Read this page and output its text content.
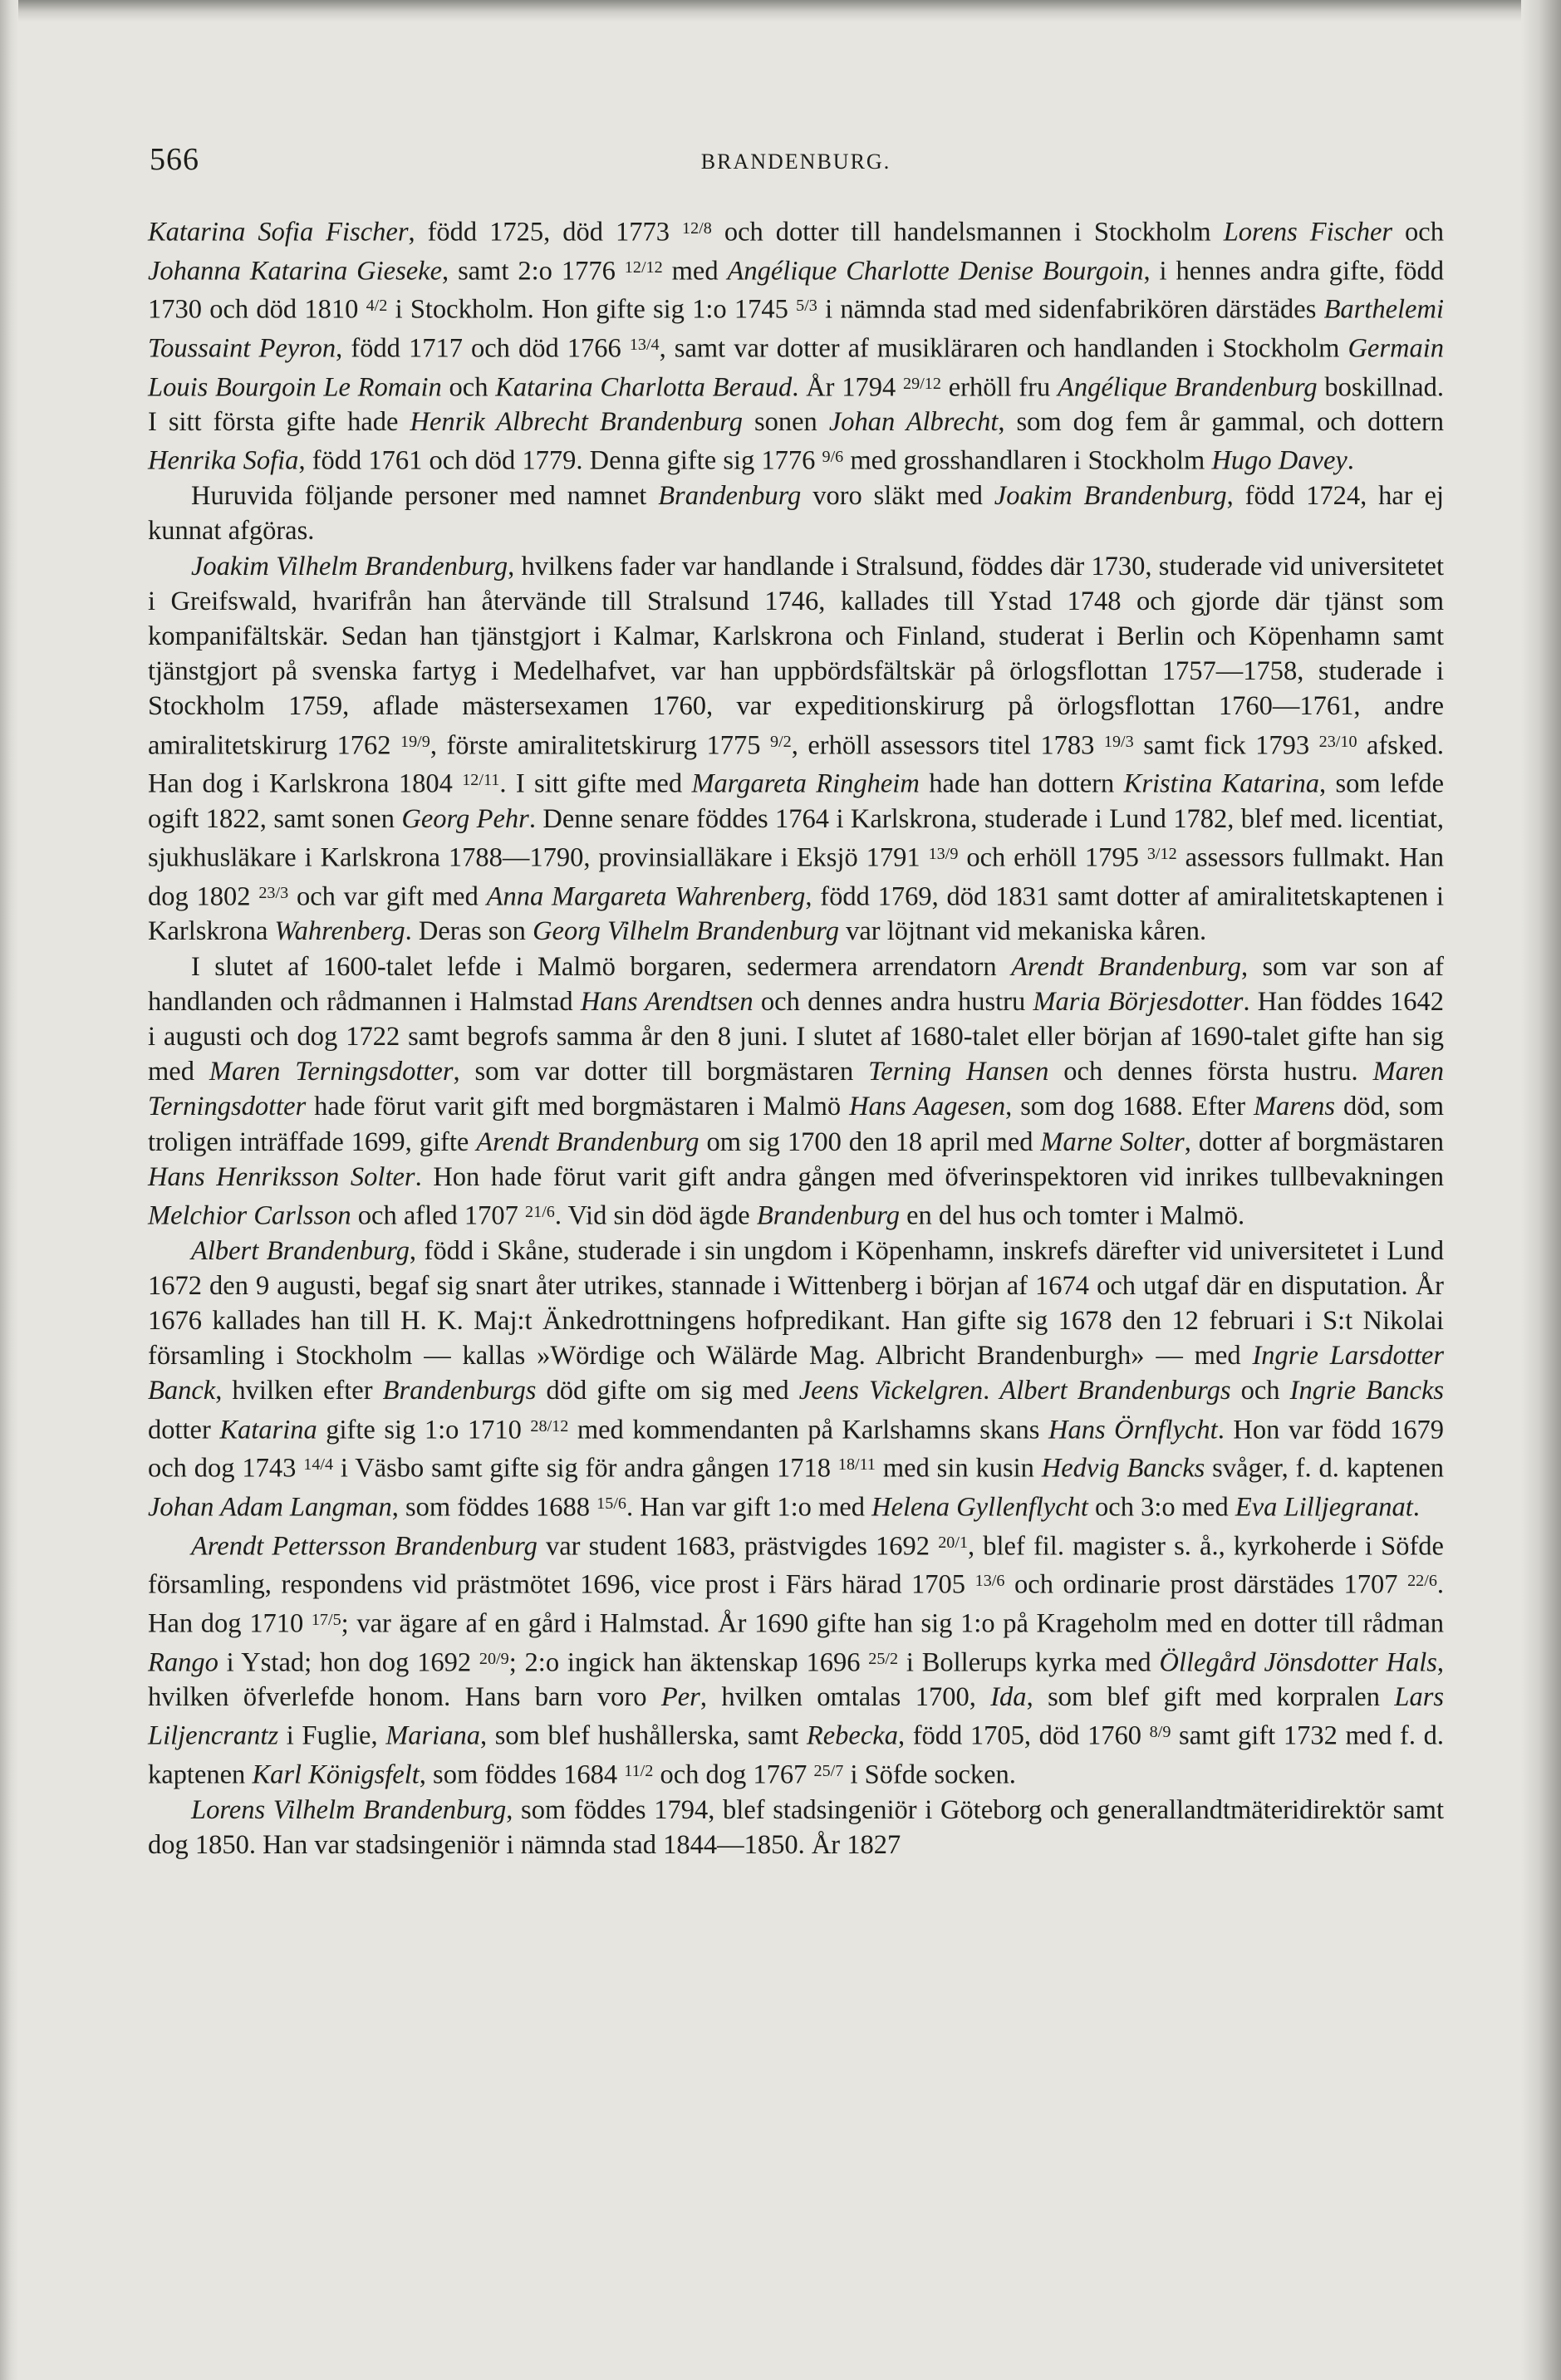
566	BRANDENBURG.

Katarina Sofia Fischer, född 1725, död 1773 $^{12/8}$ och dotter till handelsmannen i Stockholm Lorens Fischer och Johanna Katarina Gieseke, samt 2:o 1776 $^{12/12}$ med Angélique Charlotte Denise Bourgoin, i hennes andra gifte, född 1730 och död 1810 $^{4/2}$ i Stockholm. Hon gifte sig 1:o 1745 $^{5/3}$ i nämnda stad med sidenfabrikören därstädes Barthelemi Toussaint Peyron, född 1717 och död 1766 $^{13/4}$, samt var dotter af musikläraren och handlanden i Stockholm Germain Louis Bourgoin Le Romain och Katarina Charlotta Beraud. År 1794 $^{29/12}$ erhöll fru Angélique Brandenburg boskillnad. I sitt första gifte hade Henrik Albrecht Brandenburg sonen Johan Albrecht, som dog fem år gammal, och dottern Henrika Sofia, född 1761 och död 1779. Denna gifte sig 1776 $^{9/6}$ med grosshandlaren i Stockholm Hugo Davey.

Huruvida följande personer med namnet Brandenburg voro släkt med Joakim Brandenburg, född 1724, har ej kunnat afgöras.

Joakim Vilhelm Brandenburg, hvilkens fader var handlande i Stralsund, föddes där 1730, studerade vid universitetet i Greifswald, hvarifrån han återvände till Stralsund 1746, kallades till Ystad 1748 och gjorde där tjänst som kompanifältskär. Sedan han tjänstgjort i Kalmar, Karlskrona och Finland, studerat i Berlin och Köpenhamn samt tjänstgjort på svenska fartyg i Medelhafvet, var han uppbördsfältskär på örlogsflottan 1757—1758, studerade i Stockholm 1759, aflade mästersexamen 1760, var expeditionskirurg på örlogsflottan 1760—1761, andre amiralitetskirurg 1762 $^{19/9}$, förste amiralitetskirurg 1775 $^{9/2}$, erhöll assessors titel 1783 $^{19/3}$ samt fick 1793 $^{23/10}$ afsked. Han dog i Karlskrona 1804 $^{12/11}$. I sitt gifte med Margareta Ringheim hade han dottern Kristina Katarina, som lefde ogift 1822, samt sonen Georg Pehr. Denne senare föddes 1764 i Karlskrona, studerade i Lund 1782, blef med. licentiat, sjukhusläkare i Karlskrona 1788—1790, provinsialläkare i Eksjö 1791 $^{13/9}$ och erhöll 1795 $^{3/12}$ assessors fullmakt. Han dog 1802 $^{23/3}$ och var gift med Anna Margareta Wahrenberg, född 1769, död 1831 samt dotter af amiralitetskaptenen i Karlskrona Wahrenberg. Deras son Georg Vilhelm Brandenburg var löjtnant vid mekaniska kåren.

I slutet af 1600-talet lefde i Malmö borgaren, sedermera arrendatorn Arendt Brandenburg, som var son af handlanden och rådmannen i Halmstad Hans Arendtsen och dennes andra hustru Maria Börjesdotter. Han föddes 1642 i augusti och dog 1722 samt begrofs samma år den 8 juni. I slutet af 1680-talet eller början af 1690-talet gifte han sig med Maren Terningsdotter, som var dotter till borgmästaren Terning Hansen och dennes första hustru. Maren Terningsdotter hade förut varit gift med borgmästaren i Malmö Hans Aagesen, som dog 1688. Efter Marens död, som troligen inträffade 1699, gifte Arendt Brandenburg om sig 1700 den 18 april med Marne Solter, dotter af borgmästaren Hans Henriksson Solter. Hon hade förut varit gift andra gången med öfverinspektoren vid inrikes tullbevakningen Melchior Carlsson och afled 1707 $^{21/6}$. Vid sin död ägde Brandenburg en del hus och tomter i Malmö.

Albert Brandenburg, född i Skåne, studerade i sin ungdom i Köpenhamn, inskrefs därefter vid universitetet i Lund 1672 den 9 augusti, begaf sig snart åter utrikes, stannade i Wittenberg i början af 1674 och utgaf där en disputation. År 1676 kallades han till H. K. Maj:t Änkedrottningens hofpredikant. Han gifte sig 1678 den 12 februari i S:t Nikolai församling i Stockholm — kallas »Wördige och Wälärde Mag. Albricht Brandenburgh» — med Ingrie Larsdotter Banck, hvilken efter Brandenburgs död gifte om sig med Jeens Vickelgren. Albert Brandenburgs och Ingrie Bancks dotter Katarina gifte sig 1:o 1710 $^{28/12}$ med kommendanten på Karlshamns skans Hans Örnflycht. Hon var född 1679 och dog 1743 $^{14/4}$ i Väsbo samt gifte sig för andra gången 1718 $^{18/11}$ med sin kusin Hedvig Bancks svåger, f. d. kaptenen Johan Adam Langman, som föddes 1688 $^{15/6}$. Han var gift 1:o med Helena Gyllenflycht och 3:o med Eva Lilljegranat.

Arendt Pettersson Brandenburg var student 1683, prästvigdes 1692 $^{20/1}$, blef fil. magister s. å., kyrkoherde i Söfde församling, respondens vid prästmötet 1696, vice prost i Färs härad 1705 $^{13/6}$ och ordinarie prost därstädes 1707 $^{22/6}$. Han dog 1710 $^{17/5}$; var ägare af en gård i Halmstad. År 1690 gifte han sig 1:o på Krageholm med en dotter till rådman Rango i Ystad; hon dog 1692 $^{20/9}$; 2:o ingick han äktenskap 1696 $^{25/2}$ i Bollerups kyrka med Öllegård Jönsdotter Hals, hvilken öfverlefde honom. Hans barn voro Per, hvilken omtalas 1700, Ida, som blef gift med korpralen Lars Liljencrantz i Fuglie, Mariana, som blef hushållerska, samt Rebecka, född 1705, död 1760 $^{8/9}$ samt gift 1732 med f. d. kaptenen Karl Königsfelt, som föddes 1684 $^{11/2}$ och dog 1767 $^{25/7}$ i Söfde socken.

Lorens Vilhelm Brandenburg, som föddes 1794, blef stadsingeniör i Göteborg och generallandtmäteridirektör samt dog 1850. Han var stadsingeniör i nämnda stad 1844—1850. År 1827
